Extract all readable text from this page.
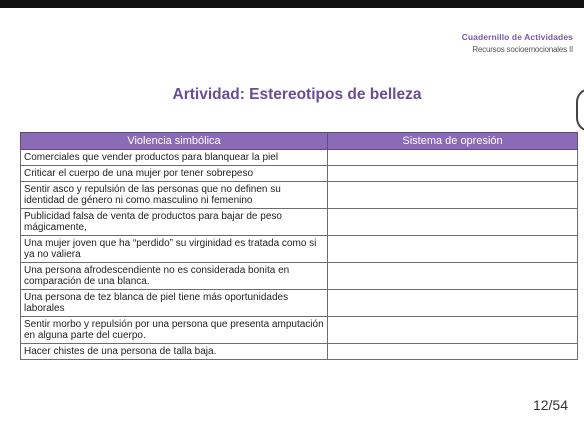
Cuadernillo de Actividades
Recursos socioemocionales II
Artividad: Estereotipos de belleza
Violencia simbólica	Sistema de opresión
Comerciales que vender productos para blanquear la piel	
Criticar el cuerpo de una mujer por tener sobrepeso	
Sentir asco y repulsión de las personas que no definen su identidad de género ni como masculino ni femenino	
Publicidad falsa de venta de productos para bajar de peso mágicamente,	
Una mujer joven que ha “perdido” su virginidad es tratada como si ya no valiera	
Una persona afrodescendiente no es considerada bonita en comparación de una blanca.	
Una persona de tez blanca de piel tiene más oportunidades laborales	
Sentir morbo y repulsión por una persona que presenta amputación en alguna parte del cuerpo.	
Hacer chistes de una persona de talla baja.	
12/54
